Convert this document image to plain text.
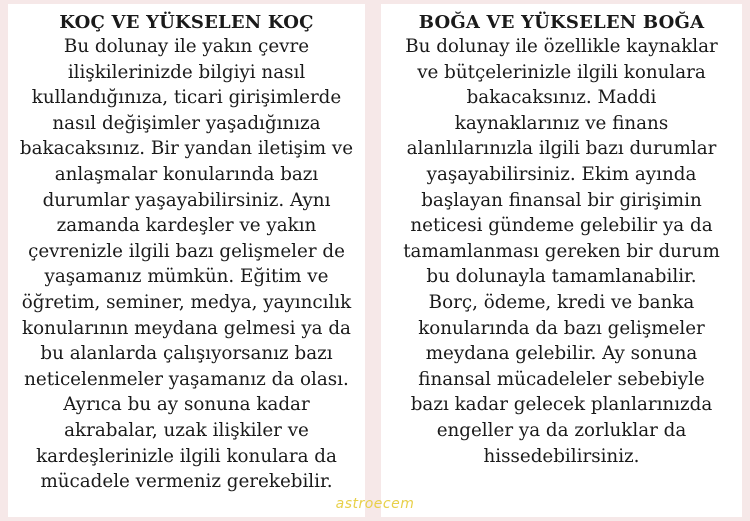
KOÇ VE YÜKSELEN KOÇ
Bu dolunay ile yakın çevre
ilişkilerinizde bilgiyi nasıl
kullandığınıza, ticari girişimlerde
nasıl değişimler yaşadığınıza
bakacaksınız. Bir yandan iletişim ve
anlaşmalar konularında bazı
durumlar yaşayabilirsiniz. Aynı
zamanda kardeşler ve yakın
çevrenizle ilgili bazı gelişmeler de
yaşamanız mümkün. Eğitim ve
öğretim, seminer, medya, yayıncılık
konularının meydana gelmesi ya da
bu alanlarda çalışıyorsanız bazı
neticelenmeler yaşamanız da olası.
Ayrıca bu ay sonuna kadar
akrabalar, uzak ilişkiler ve
kardeşlerinizle ilgili konulara da
mücadele vermeniz gerekebilir.
BOĞA VE YÜKSELEN BOĞA
Bu dolunay ile özellikle kaynaklar
ve bütçelerinizle ilgili konulara
bakacaksınız. Maddi
kaynaklarınız ve finans
alanlılarınızla ilgili bazı durumlar
yaşayabilirsiniz. Ekim ayında
başlayan finansal bir girişimin
neticesi gündeme gelebilir ya da
tamamlanması gereken bir durum
bu dolunayla tamamlanabilir.
Borç, ödeme, kredi ve banka
konularında da bazı gelişmeler
meydana gelebilir. Ay sonuna
finansal mücadeleler sebebiyle
bazı kadar gelecek planlarınızda
engeller ya da zorluklar da
hissedebilirsiniz.
astroecem
